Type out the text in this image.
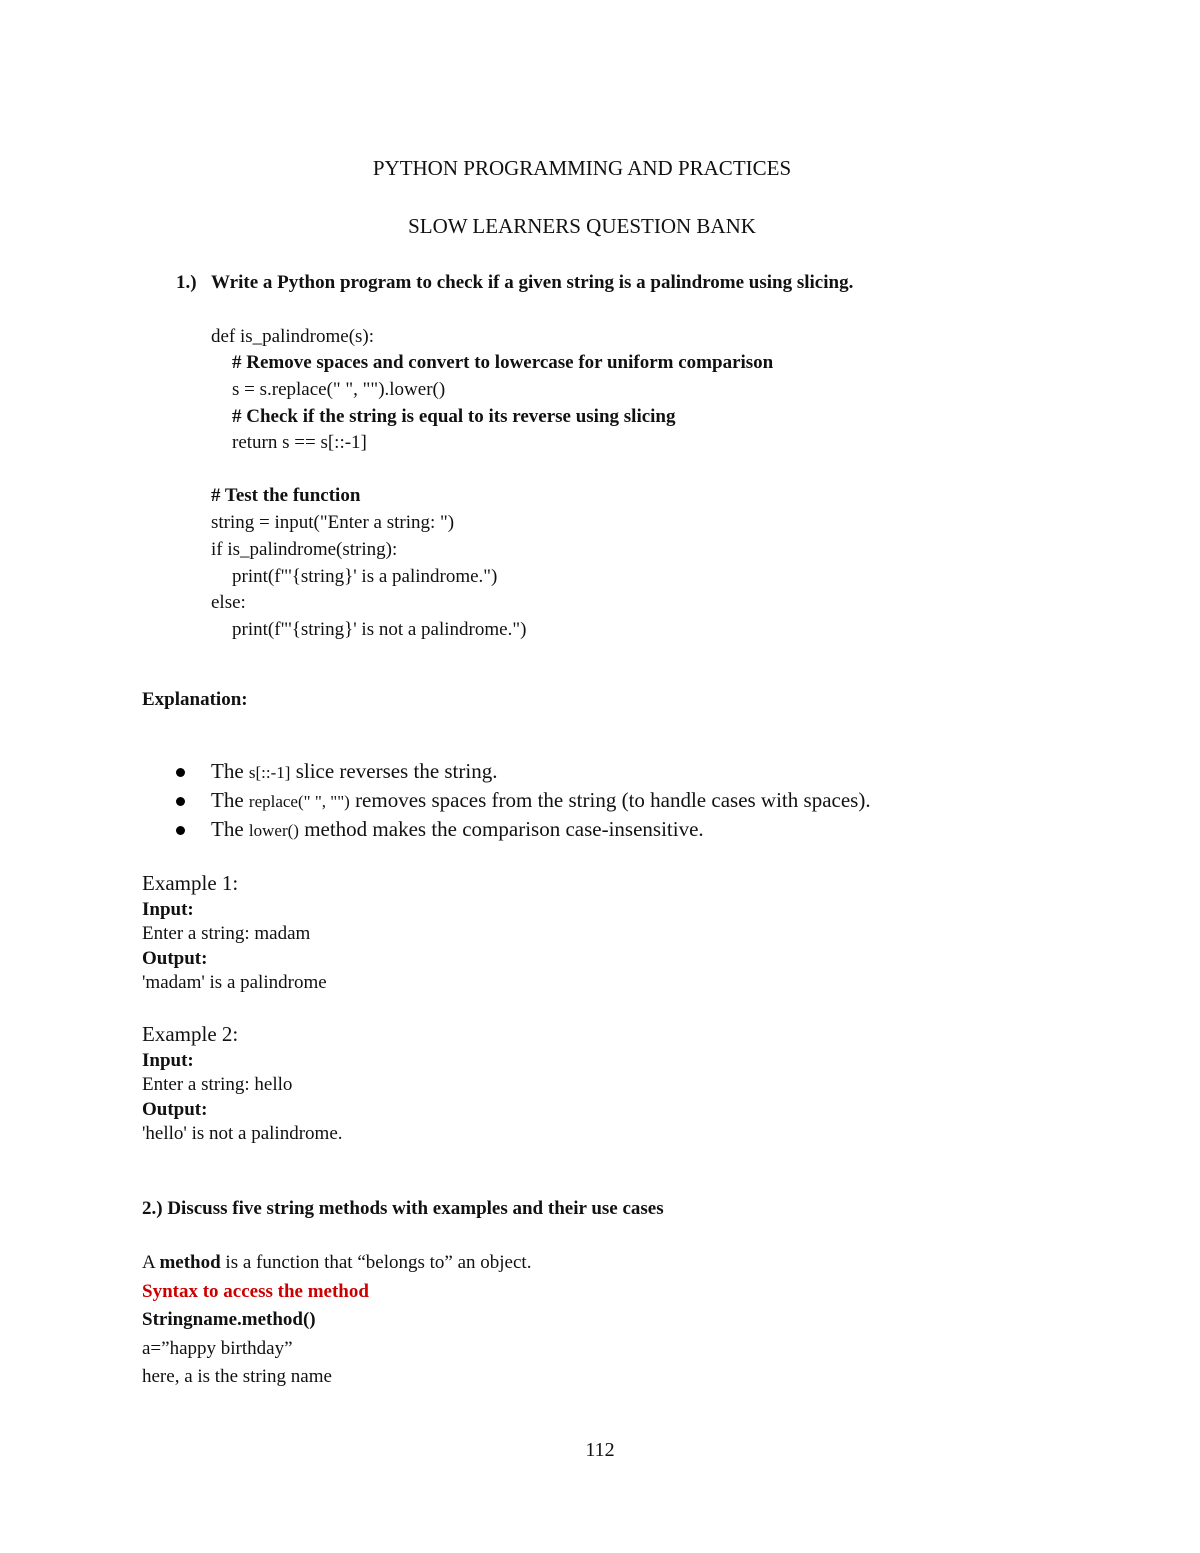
PYTHON PROGRAMMING AND PRACTICES
SLOW LEARNERS QUESTION BANK
1.) Write a Python program to check if a given string is a palindrome using slicing.
def is_palindrome(s):
# Remove spaces and convert to lowercase for uniform comparison
s = s.replace(" ", "").lower()
# Check if the string is equal to its reverse using slicing
return s == s[::-1]
# Test the function
string = input("Enter a string: ")
if is_palindrome(string):
print(f"'{string}' is a palindrome.")
else:
print(f"'{string}' is not a palindrome.")
Explanation:
The s[::-1] slice reverses the string.
The replace(" ", "") removes spaces from the string (to handle cases with spaces).
The lower() method makes the comparison case-insensitive.
Example 1:
Input:
Enter a string: madam
Output:
'madam' is a palindrome
Example 2:
Input:
Enter a string: hello
Output:
'hello' is not a palindrome.
2.) Discuss five string methods with examples and their use cases
A method is a function that “belongs to” an object.
Syntax to access the method
Stringname.method()
a=”happy birthday”
here, a is the string name
112
